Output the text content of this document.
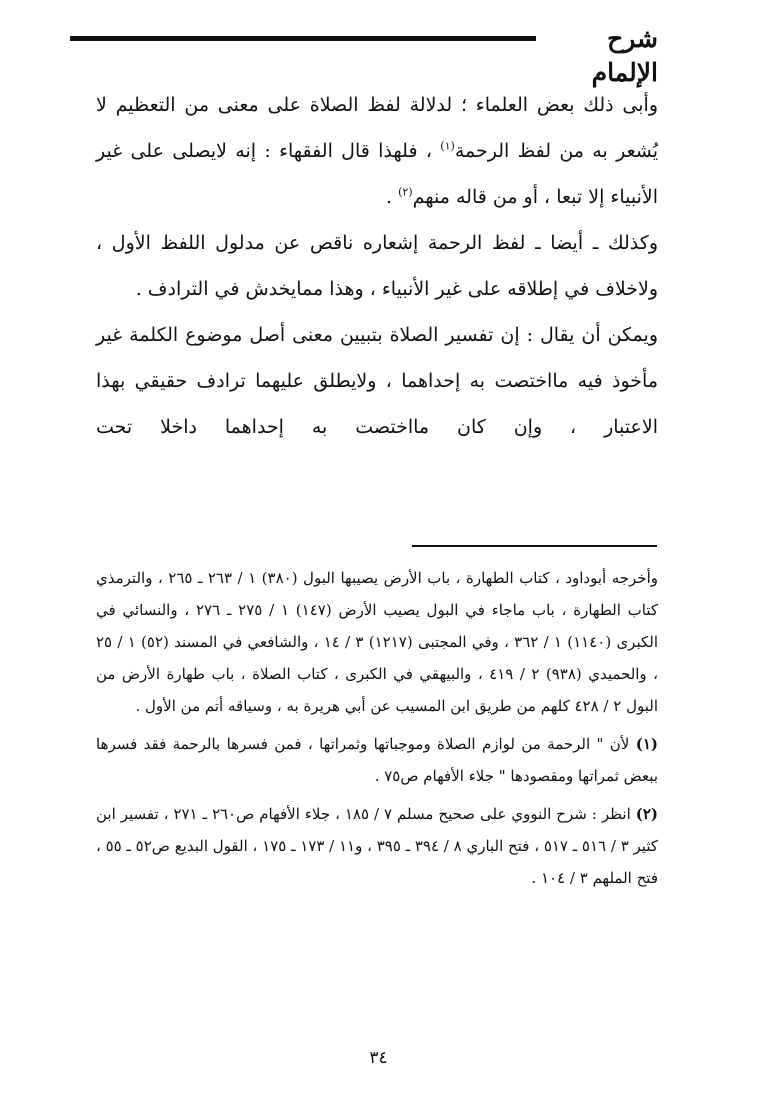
شرح الإلمام

وأبى ذلك بعض العلماء ؛ لدلالة لفظ الصلاة على معنى من التعظيم لا يُشعر به من لفظ الرحمة$^{(١)}$ ، فلهذا قال الفقهاء : إنه لايصلى على غير الأنبياء إلا تبعا ، أو من قاله منهم$^{(٢)}$ .

وكذلك ـ أيضا ـ لفظ الرحمة إشعاره ناقص عن مدلول اللفظ الأول ، ولاخلاف في إطلاقه على غير الأنبياء ، وهذا ممايخدش في الترادف .

ويمكن أن يقال : إن تفسير الصلاة بتبيين معنى أصل موضوع الكلمة غير مأخوذ فيه مااختصت به إحداهما ، ولايطلق عليهما ترادف حقيقي بهذا الاعتبار ، وإن كان مااختصت به إحداهما داخلا تحت

وأخرجه أبوداود ، كتاب الطهارة ، باب الأرض يصيبها البول (٣٨٠) ١ / ٢٦٣ ـ ٢٦٥ ، والترمذي كتاب الطهارة ، باب ماجاء في البول يصيب الأرض (١٤٧) ١ / ٢٧٥ ـ ٢٧٦ ، والنسائي في الكبرى (١١٤٠) ١ / ٣٦٢ ، وفي المجتبى (١٢١٧) ٣ / ١٤ ، والشافعي في المسند (٥٢) ١ / ٢٥ ، والحميدي (٩٣٨) ٢ / ٤١٩ ، والبيهقي في الكبرى ، كتاب الصلاة ، باب طهارة الأرض من البول ٢ / ٤٢٨ كلهم من طريق ابن المسيب عن أبي هريرة به ، وسياقه أتم من الأول .

(١) لأن " الرحمة من لوازم الصلاة وموجباتها وثمراتها ، فمن فسرها بالرحمة فقد فسرها ببعض ثمراتها ومقصودها " جلاء الأفهام ص٧٥ .

(٢) انظر : شرح النووي على صحيح مسلم ٧ / ١٨٥ ، جلاء الأفهام ص٢٦٠ ـ ٢٧١ ، تفسير ابن كثير ٣ / ٥١٦ ـ ٥١٧ ، فتح الباري ٨ / ٣٩٤ ـ ٣٩٥ ، و١١ / ١٧٣ ـ ١٧٥ ، القول البديع ص٥٢ ـ ٥٥ ، فتح الملهم ٣ / ١٠٤ .

٣٤
